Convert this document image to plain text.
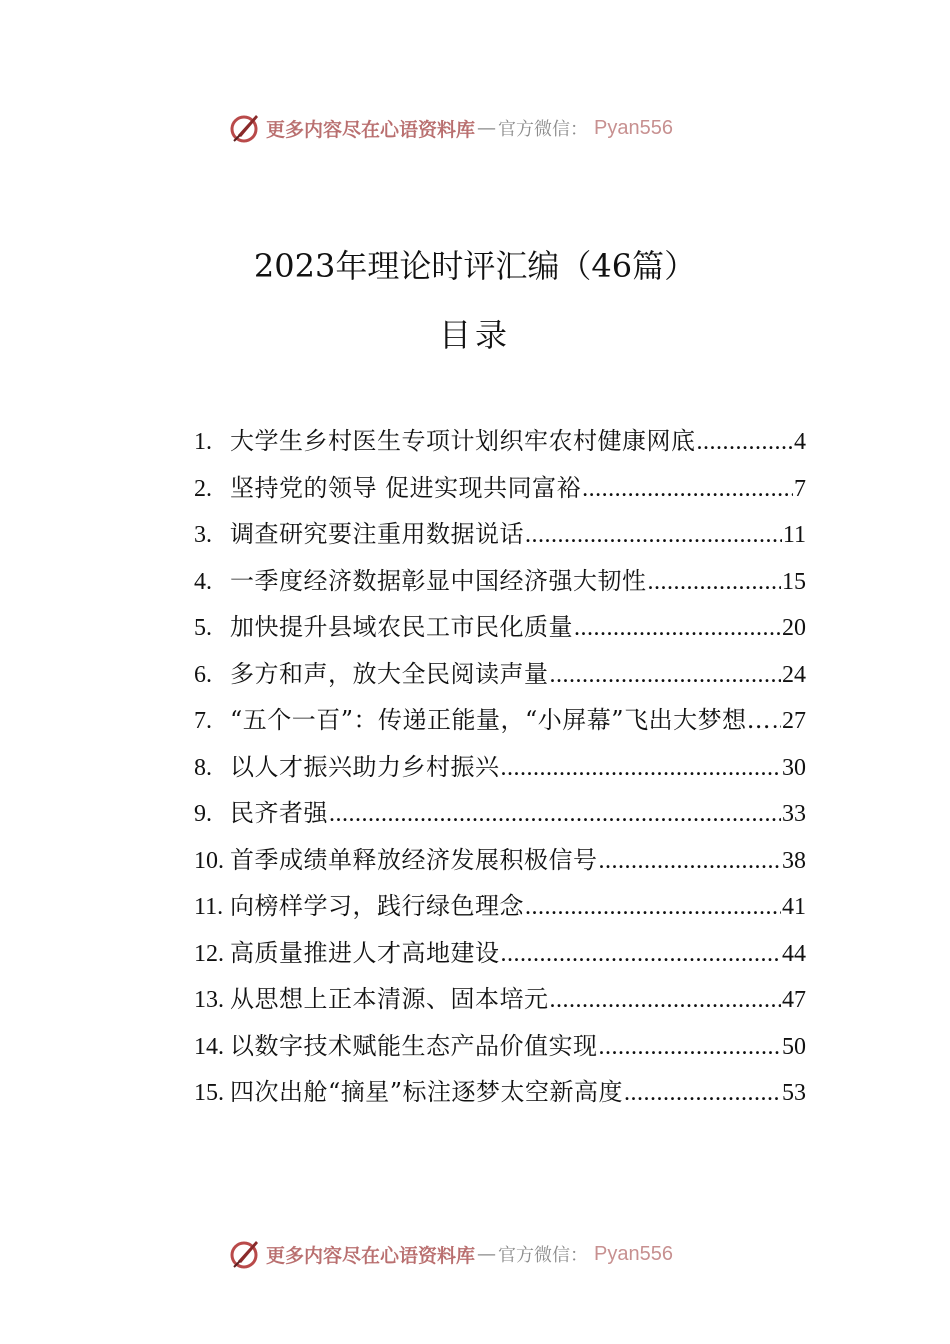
更多内容尽在心语资料库 — 官方微信： Pyan556
2023年理论时评汇编（46篇）
目录
1. 大学生乡村医生专项计划织牢农村健康网底 .....	4
2. 坚持党的领导 促进实现共同富裕 .....	7
3. 调查研究要注重用数据说话 .....	11
4. 一季度经济数据彰显中国经济强大韧性 .....	15
5. 加快提升县域农民工市民化质量 .....	20
6. 多方和声，放大全民阅读声量 .....	24
7. “五个一百”：传递正能量，“小屏幕”飞出大梦想… ..... 27
8. 以人才振兴助力乡村振兴 .....	30
9. 民齐者强 .....	33
10. 首季成绩单释放经济发展积极信号 .....	38
11. 向榜样学习，践行绿色理念 .....	41
12. 高质量推进人才高地建设 .....	44
13. 从思想上正本清源、固本培元 .....	47
14. 以数字技术赋能生态产品价值实现 .....	50
15. 四次出舱“摘星”标注逐梦太空新高度 .....	53
更多内容尽在心语资料库 — 官方微信： Pyan556
